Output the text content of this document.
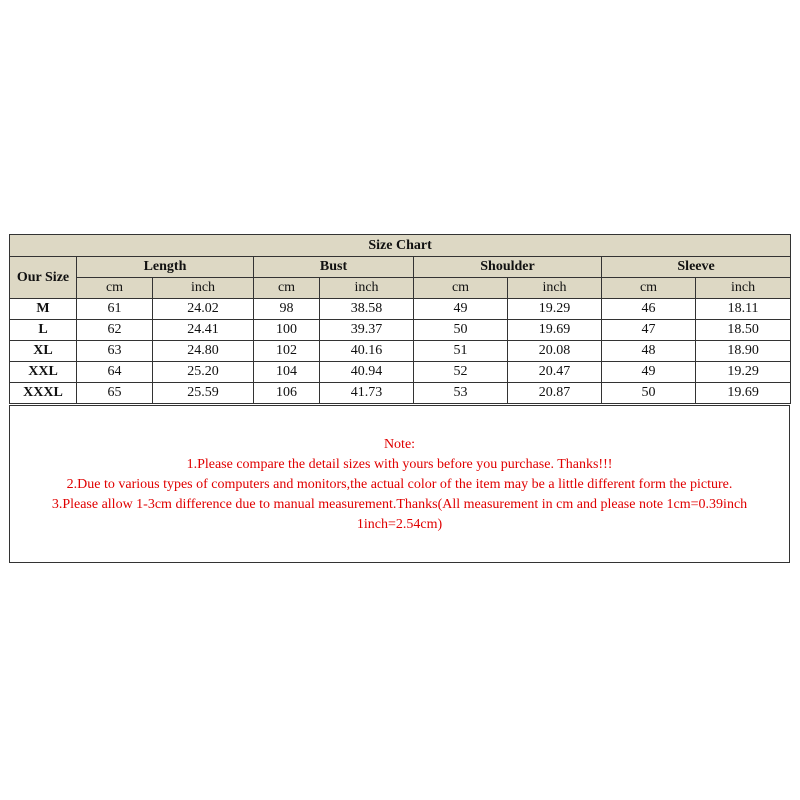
Size Chart								
Our Size	Length		Bust		Shoulder		Sleeve	
	cm	inch	cm	inch	cm	inch	cm	inch
M	61	24.02	98	38.58	49	19.29	46	18.11
L	62	24.41	100	39.37	50	19.69	47	18.50
XL	63	24.80	102	40.16	51	20.08	48	18.90
XXL	64	25.20	104	40.94	52	20.47	49	19.29
XXXL	65	25.59	106	41.73	53	20.87	50	19.69
Note:
1.Please compare the detail sizes with yours before you purchase. Thanks!!!
2.Due to various types of computers and monitors,the actual color of the item may be a little different form the picture.
3.Please allow 1-3cm difference due to manual measurement.Thanks(All measurement in cm and please note 1cm=0.39inch
1inch=2.54cm)
